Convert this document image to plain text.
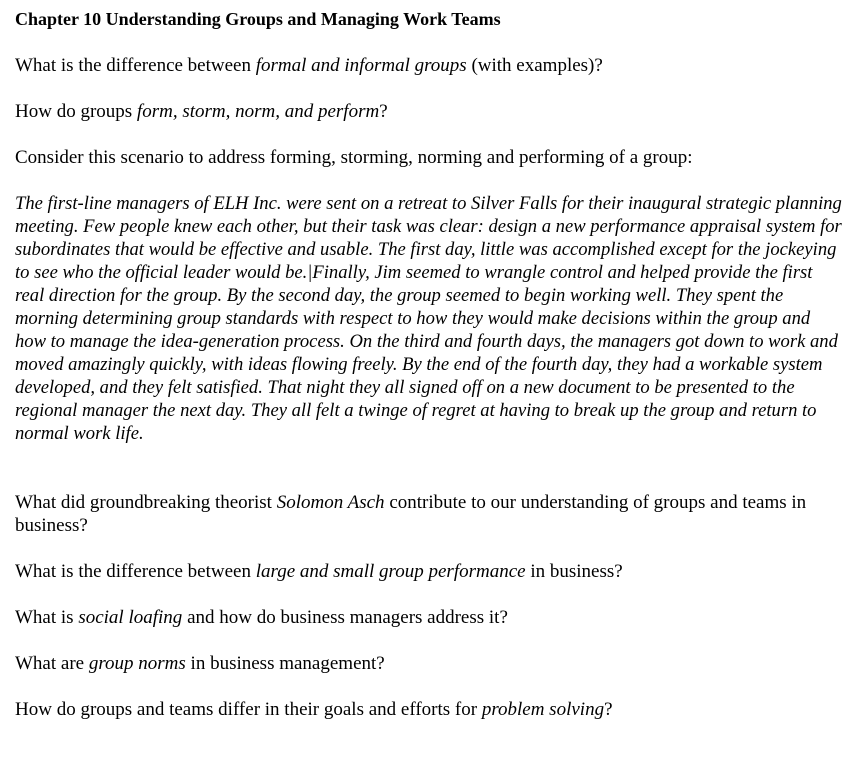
Chapter 10 Understanding Groups and Managing Work Teams

What is the difference between formal and informal groups (with examples)?

How do groups form, storm, norm, and perform?

Consider this scenario to address forming, storming, norming and performing of a group:

The first-line managers of ELH Inc. were sent on a retreat to Silver Falls for their inaugural strategic planning meeting. Few people knew each other, but their task was clear: design a new performance appraisal system for subordinates that would be effective and usable. The first day, little was accomplished except for the jockeying to see who the official leader would be.|Finally, Jim seemed to wrangle control and helped provide the first real direction for the group. By the second day, the group seemed to begin working well. They spent the morning determining group standards with respect to how they would make decisions within the group and how to manage the idea-generation process. On the third and fourth days, the managers got down to work and moved amazingly quickly, with ideas flowing freely. By the end of the fourth day, they had a workable system developed, and they felt satisfied. That night they all signed off on a new document to be presented to the regional manager the next day. They all felt a twinge of regret at having to break up the group and return to normal work life.

What did groundbreaking theorist Solomon Asch contribute to our understanding of groups and teams in business?

What is the difference between large and small group performance in business?

What is social loafing and how do business managers address it?

What are group norms in business management?

How do groups and teams differ in their goals and efforts for problem solving?
